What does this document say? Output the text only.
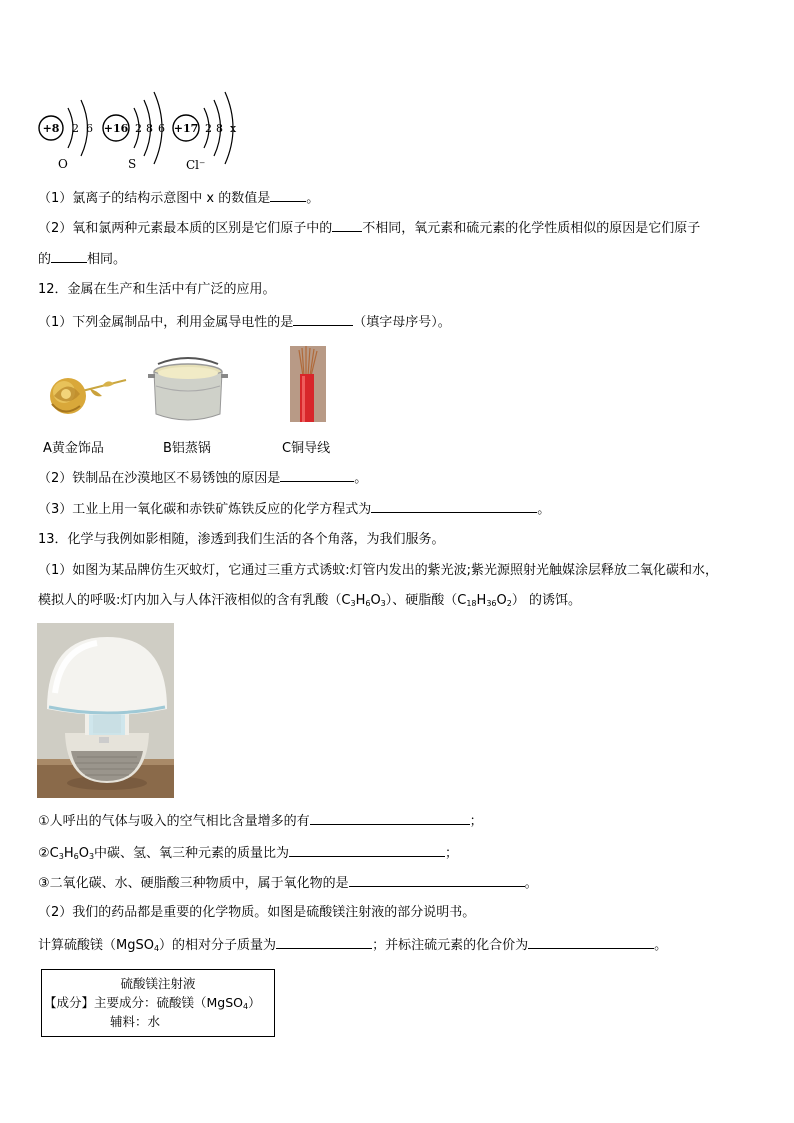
+8 2 6
O
+16 2 8 6
S
+17 2 8 x
Cl⁻
（1）氯离子的结构示意图中 x 的数值是	。
（2）氧和氯两种元素最本质的区别是它们原子中的 不相同，氧元素和硫元素的化学性质相似的原因是它们原子
的	相同。
12．金属在生产和生活中有广泛的应用。
（1）下列金属制品中，利用金属导电性的是	（填字母序号）。
A黄金饰品	B铝蒸锅	C铜导线
（2）铁制品在沙漠地区不易锈蚀的原因是	。
（3）工业上用一氧化碳和赤铁矿炼铁反应的化学方程式为	。
13．化学与我例如影相随，渗透到我们生活的各个角落，为我们服务。
（1）如图为某品牌仿生灭蚊灯，它通过三重方式诱蚊:灯管内发出的紫光波;紫光源照射光触媒涂层释放二氧化碳和水，
模拟人的呼吸:灯内加入与人体汗液相似的含有乳酸$(C_3H_6O_3)$、硬脂酸$(C_{18}H_{36}O_2)$ 的诱饵。
①人呼出的气体与吸入的空气相比含量增多的有	；
$②C_3H_6O_3$中碳、氢、氧三种元素的质量比为	；
③二氧化碳、水、硬脂酸三种物质中，属于氧化物的是	。
（2）我们的药品都是重要的化学物质。如图是硫酸镁注射液的部分说明书。
计算硫酸镁（MgSO$_4$）的相对分子质量为	；并标注硫元素的化合价为	。
硫酸镁注射液
【成分】主要成分：硫酸镁（MgSO$_4$）
辅料：水
